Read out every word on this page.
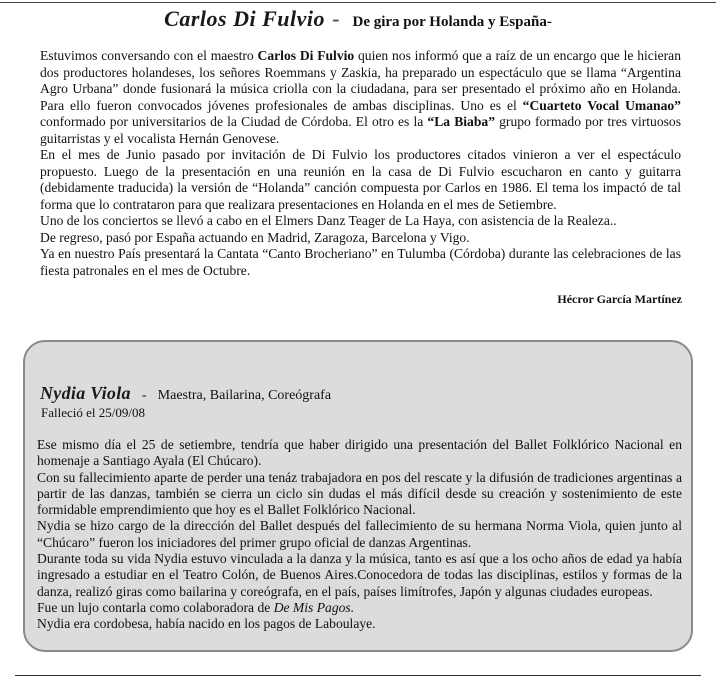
Carlos Di Fulvio - De gira por Holanda y España-

Estuvimos conversando con el maestro Carlos Di Fulvio quien nos informó que a raíz de un encargo que le hicieran dos productores holandeses, los señores Roemmans y Zaskia, ha preparado un espectáculo que se llama “Argentina Agro Urbana” donde fusionará la música criolla con la ciudadana, para ser presentado el próximo año en Holanda. Para ello fueron convocados jóvenes profesionales de ambas disciplinas. Uno es el “Cuarteto Vocal Umanao” conformado por universitarios de la Ciudad de Córdoba. El otro es la “La Biaba” grupo formado por tres virtuosos guitarristas y el vocalista Hernán Genovese.

En el mes de Junio pasado por invitación de Di Fulvio los productores citados vinieron a ver el espectáculo propuesto. Luego de la presentación en una reunión en la casa de Di Fulvio escucharon en canto y guitarra (debidamente traducida) la versión de “Holanda” canción compuesta por Carlos en 1986. El tema los impactó de tal forma que lo contrataron para que realizara presentaciones en Holanda en el mes de Setiembre.

Uno de los conciertos se llevó a cabo en el Elmers Danz Teager de La Haya, con asistencia de la Realeza..

De regreso, pasó por España actuando en Madrid, Zaragoza, Barcelona y Vigo.

Ya en nuestro País presentará la Cantata “Canto Brocheriano” en Tulumba (Córdoba) durante las celebraciones de las fiesta patronales en el mes de Octubre.

Hécror García Martínez
Nydia Viola - Maestra, Bailarina, Coreógrafa
Falleció el 25/09/08

Ese mismo día el 25 de setiembre, tendría que haber dirigido una presentación del Ballet Folklórico Nacional en homenaje a Santiago Ayala (El Chúcaro).

Con su fallecimiento aparte de perder una tenáz trabajadora en pos del rescate y la difusión de tradiciones argentinas a partir de las danzas, también se cierra un ciclo sin dudas el más difícil desde su creación y sostenimiento de este formidable emprendimiento que hoy es el Ballet Folklórico Nacional.

Nydia se hizo cargo de la dirección del Ballet después del fallecimiento de su hermana Norma Viola, quien junto al “Chúcaro” fueron los iniciadores del primer grupo oficial de danzas Argentinas.

Durante toda su vida Nydia estuvo vinculada a la danza y la música, tanto es así que a los ocho años de edad ya había ingresado a estudiar en el Teatro Colón, de Buenos Aires.Conocedora de todas las disciplinas, estilos y formas de la danza, realizó giras como bailarina y coreógrafa, en el país, países limítrofes, Japón y algunas ciudades europeas.

Fue un lujo contarla como colaboradora de De Mis Pagos.

Nydia era cordobesa, había nacido en los pagos de Laboulaye.
